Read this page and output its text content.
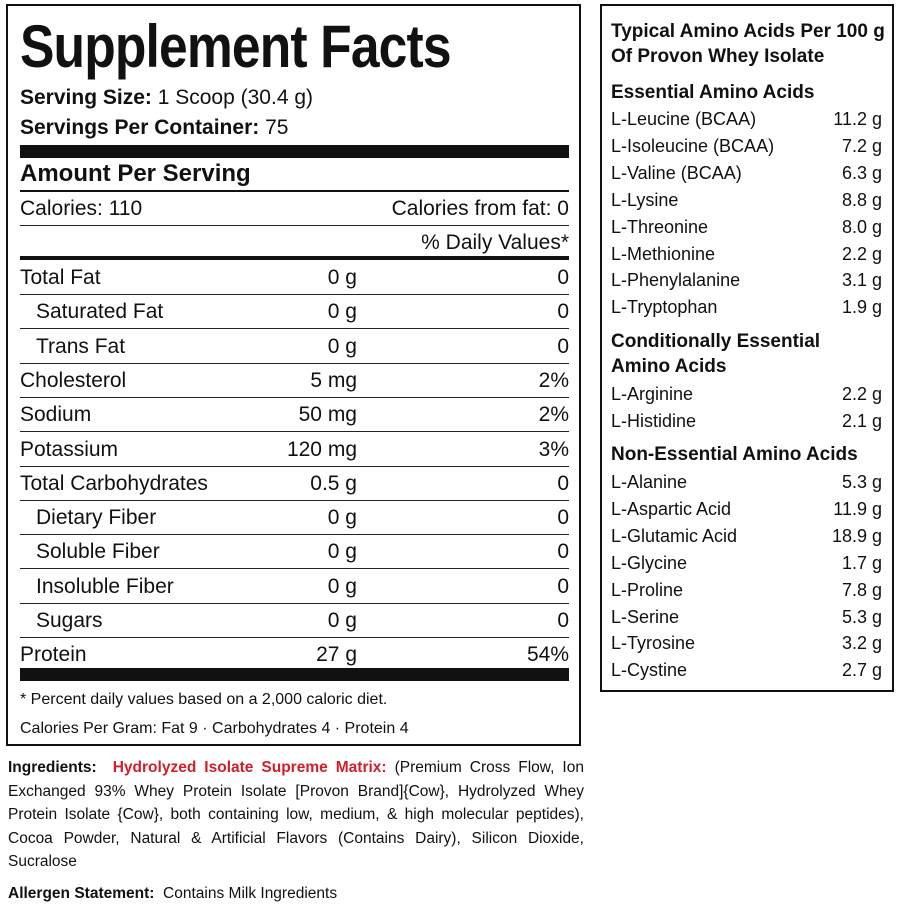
Supplement Facts
Serving Size: 1 Scoop (30.4 g)
Servings Per Container: 75
Amount Per Serving
Calories: 110	Calories from fat: 0
% Daily Values*
Total Fat	0 g	0
Saturated Fat	0 g	0
Trans Fat	0 g	0
Cholesterol	5 mg	2%
Sodium	50 mg	2%
Potassium	120 mg	3%
Total Carbohydrates	0.5 g	0
Dietary Fiber	0 g	0
Soluble Fiber	0 g	0
Insoluble Fiber	0 g	0
Sugars	0 g	0
Protein	27 g	54%
* Percent daily values based on a 2,000 caloric diet.
Calories Per Gram: Fat 9 · Carbohydrates 4 · Protein 4
Typical Amino Acids Per 100 g
Of Provon Whey Isolate
Essential Amino Acids
L-Leucine (BCAA)	11.2 g
L-Isoleucine (BCAA)	7.2 g
L-Valine (BCAA)	6.3 g
L-Lysine	8.8 g
L-Threonine	8.0 g
L-Methionine	2.2 g
L-Phenylalanine	3.1 g
L-Tryptophan	1.9 g
Conditionally Essential
Amino Acids
L-Arginine	2.2 g
L-Histidine	2.1 g
Non-Essential Amino Acids
L-Alanine	5.3 g
L-Aspartic Acid	11.9 g
L-Glutamic Acid	18.9 g
L-Glycine	1.7 g
L-Proline	7.8 g
L-Serine	5.3 g
L-Tyrosine	3.2 g
L-Cystine	2.7 g
Ingredients: Hydrolyzed Isolate Supreme Matrix: (Premium Cross Flow, Ion Exchanged 93% Whey Protein Isolate [Provon Brand]{Cow}, Hydrolyzed Whey Protein Isolate {Cow}, both containing low, medium, & high molecular peptides), Cocoa Powder, Natural & Artificial Flavors (Contains Dairy), Silicon Dioxide, Sucralose
Allergen Statement: Contains Milk Ingredients
